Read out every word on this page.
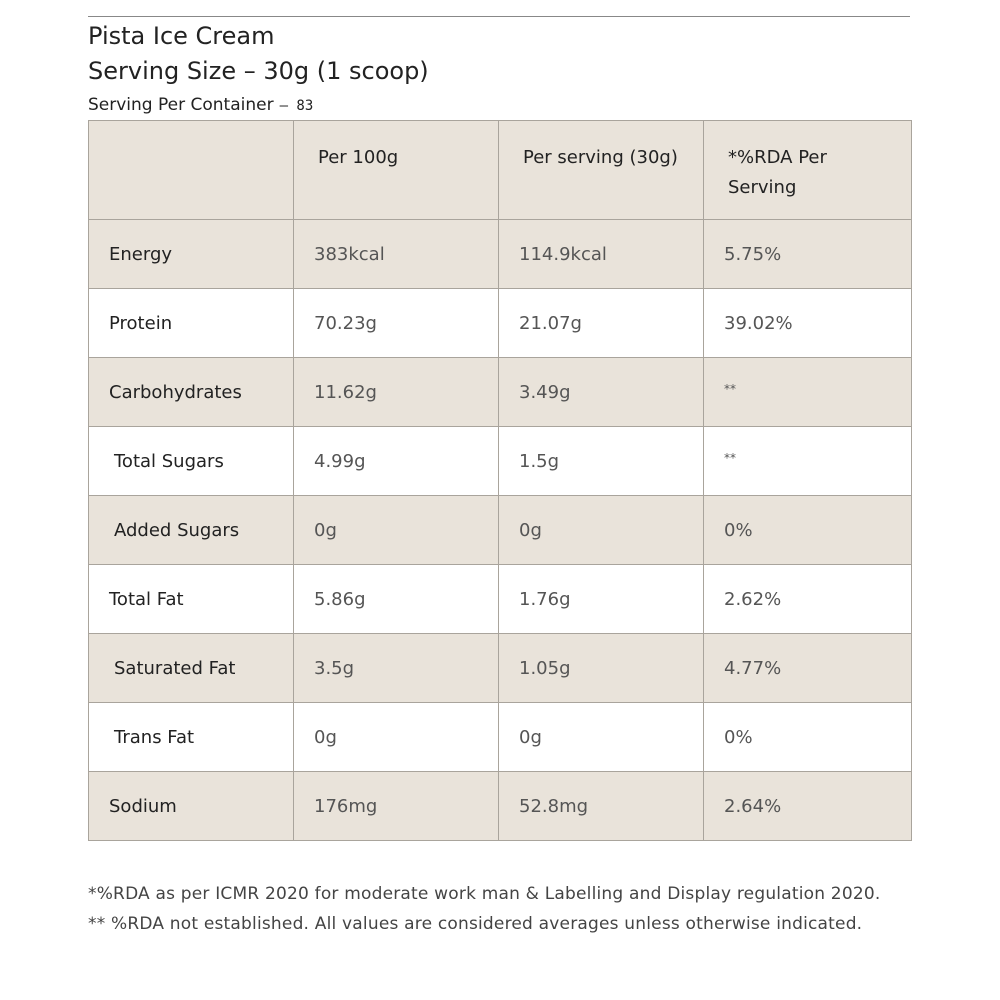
Pista Ice Cream
Serving Size – 30g (1 scoop)
Serving Per Container – 83
	Per 100g	Per serving (30g)	*%RDA Per Serving
Energy	383kcal	114.9kcal	5.75%
Protein	70.23g	21.07g	39.02%
Carbohydrates	11.62g	3.49g	**
Total Sugars	4.99g	1.5g	**
Added Sugars	0g	0g	0%
Total Fat	5.86g	1.76g	2.62%
Saturated Fat	3.5g	1.05g	4.77%
Trans Fat	0g	0g	0%
Sodium	176mg	52.8mg	2.64%
*%RDA as per ICMR 2020 for moderate work man & Labelling and Display regulation 2020. ** %RDA not established. All values are considered averages unless otherwise indicated.
